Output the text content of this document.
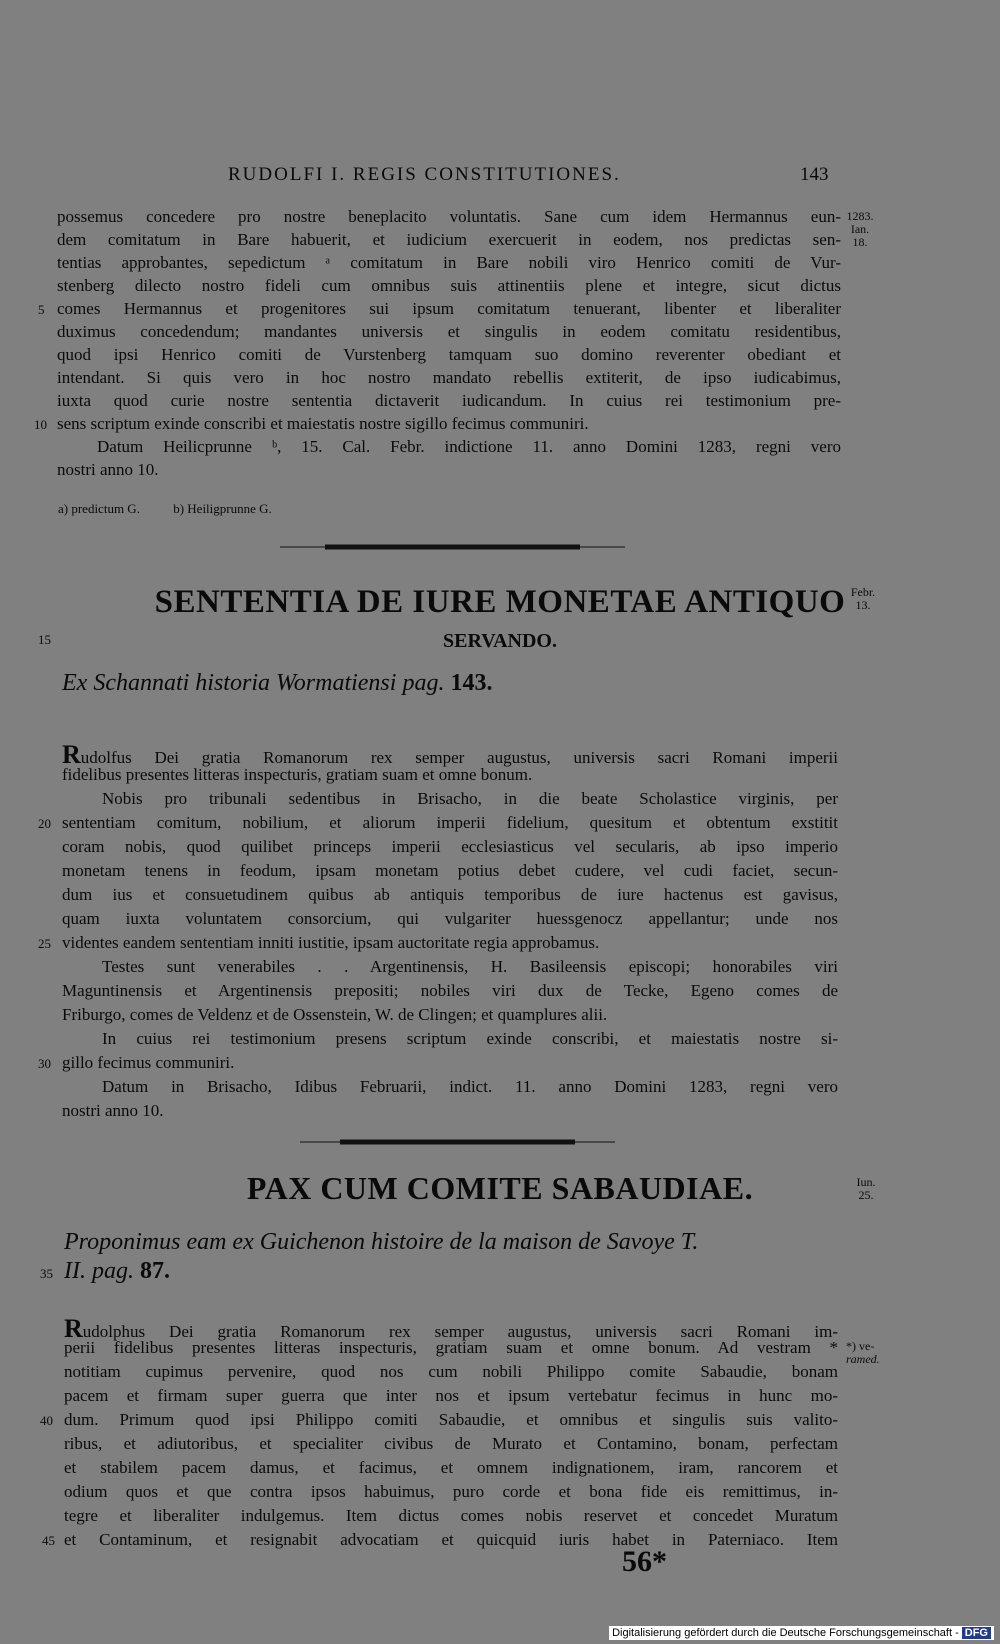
RUDOLFI I. REGIS CONSTITUTIONES.	143
possemus concedere pro nostre beneplacito voluntatis. Sane cum idem Hermannus eun-
dem comitatum in Bare habuerit, et iudicium exercuerit in eodem, nos predictas sen-
tentias approbantes, sepedictum ᵃ comitatum in Bare nobili viro Henrico comiti de Vur-
stenberg dilecto nostro fideli cum omnibus suis attinentiis plene et integre, sicut dictus
comes Hermannus et progenitores sui ipsum comitatum tenuerant, libenter et liberaliter
duximus concedendum; mandantes universis et singulis in eodem comitatu residentibus,
quod ipsi Henrico comiti de Vurstenberg tamquam suo domino reverenter obediant et
intendant. Si quis vero in hoc nostro mandato rebellis extiterit, de ipso iudicabimus,
iuxta quod curie nostre sententia dictaverit iudicandum. In cuius rei testimonium pre-
sens scriptum exinde conscribi et maiestatis nostre sigillo fecimus communiri.
Datum Heilicprunne ᵇ, 15. Cal. Febr. indictione 11. anno Domini 1283, regni vero
nostri anno 10.
1283.
Ian.
18.
a) predictum G.	b) Heiligprunne G.
SENTENTIA DE IURE MONETAE ANTIQUO
SERVANDO.
Febr.
13.
Ex Schannati historia Wormatiensi pag. 143.
Rudolfus Dei gratia Romanorum rex semper augustus, universis sacri Romani imperii
fidelibus presentes litteras inspecturis, gratiam suam et omne bonum.
Nobis pro tribunali sedentibus in Brisacho, in die beate Scholastice virginis, per
sententiam comitum, nobilium, et aliorum imperii fidelium, quesitum et obtentum exstitit
coram nobis, quod quilibet princeps imperii ecclesiasticus vel secularis, ab ipso imperio
monetam tenens in feodum, ipsam monetam potius debet cudere, vel cudi faciet, secun-
dum ius et consuetudinem quibus ab antiquis temporibus de iure hactenus est gavisus,
quam iuxta voluntatem consorcium, qui vulgariter huessgenocz appellantur; unde nos
videntes eandem sententiam inniti iustitie, ipsam auctoritate regia approbamus.
Testes sunt venerabiles . . Argentinensis, H. Basileensis episcopi; honorabiles viri
Maguntinensis et Argentinensis prepositi; nobiles viri dux de Tecke, Egeno comes de
Friburgo, comes de Veldenz et de Ossenstein, W. de Clingen; et quamplures alii.
In cuius rei testimonium presens scriptum exinde conscribi, et maiestatis nostre si-
gillo fecimus communiri.
Datum in Brisacho, Idibus Februarii, indict. 11. anno Domini 1283, regni vero
nostri anno 10.
PAX CUM COMITE SABAUDIAE.	Iun.
25.
Proponimus eam ex Guichenon histoire de la maison de Savoye T.
II. pag. 87.
Rudolphus Dei gratia Romanorum rex semper augustus, universis sacri Romani im-
perii fidelibus presentes litteras inspecturis, gratiam suam et omne bonum. Ad vestram *
notitiam cupimus pervenire, quod nos cum nobili Philippo comite Sabaudie, bonam
pacem et firmam super guerra que inter nos et ipsum vertebatur fecimus in hunc mo-
dum. Primum quod ipsi Philippo comiti Sabaudie, et omnibus et singulis suis valito-
ribus, et adiutoribus, et specialiter civibus de Murato et Contamino, bonam, perfectam
et stabilem pacem damus, et facimus, et omnem indignationem, iram, rancorem et
odium quos et que contra ipsos habuimus, puro corde et bona fide eis remittimus, in-
tegre et liberaliter indulgemus. Item dictus comes nobis reservet et concedet Muratum
et Contaminum, et resignabit advocatiam et quicquid iuris habet in Paterniaco. Item
*) ve-
ramed.
5
10
15
20
25
30
35
40
45
56*
Digitalisierung gefördert durch die Deutsche Forschungsgemeinschaft - DFG
